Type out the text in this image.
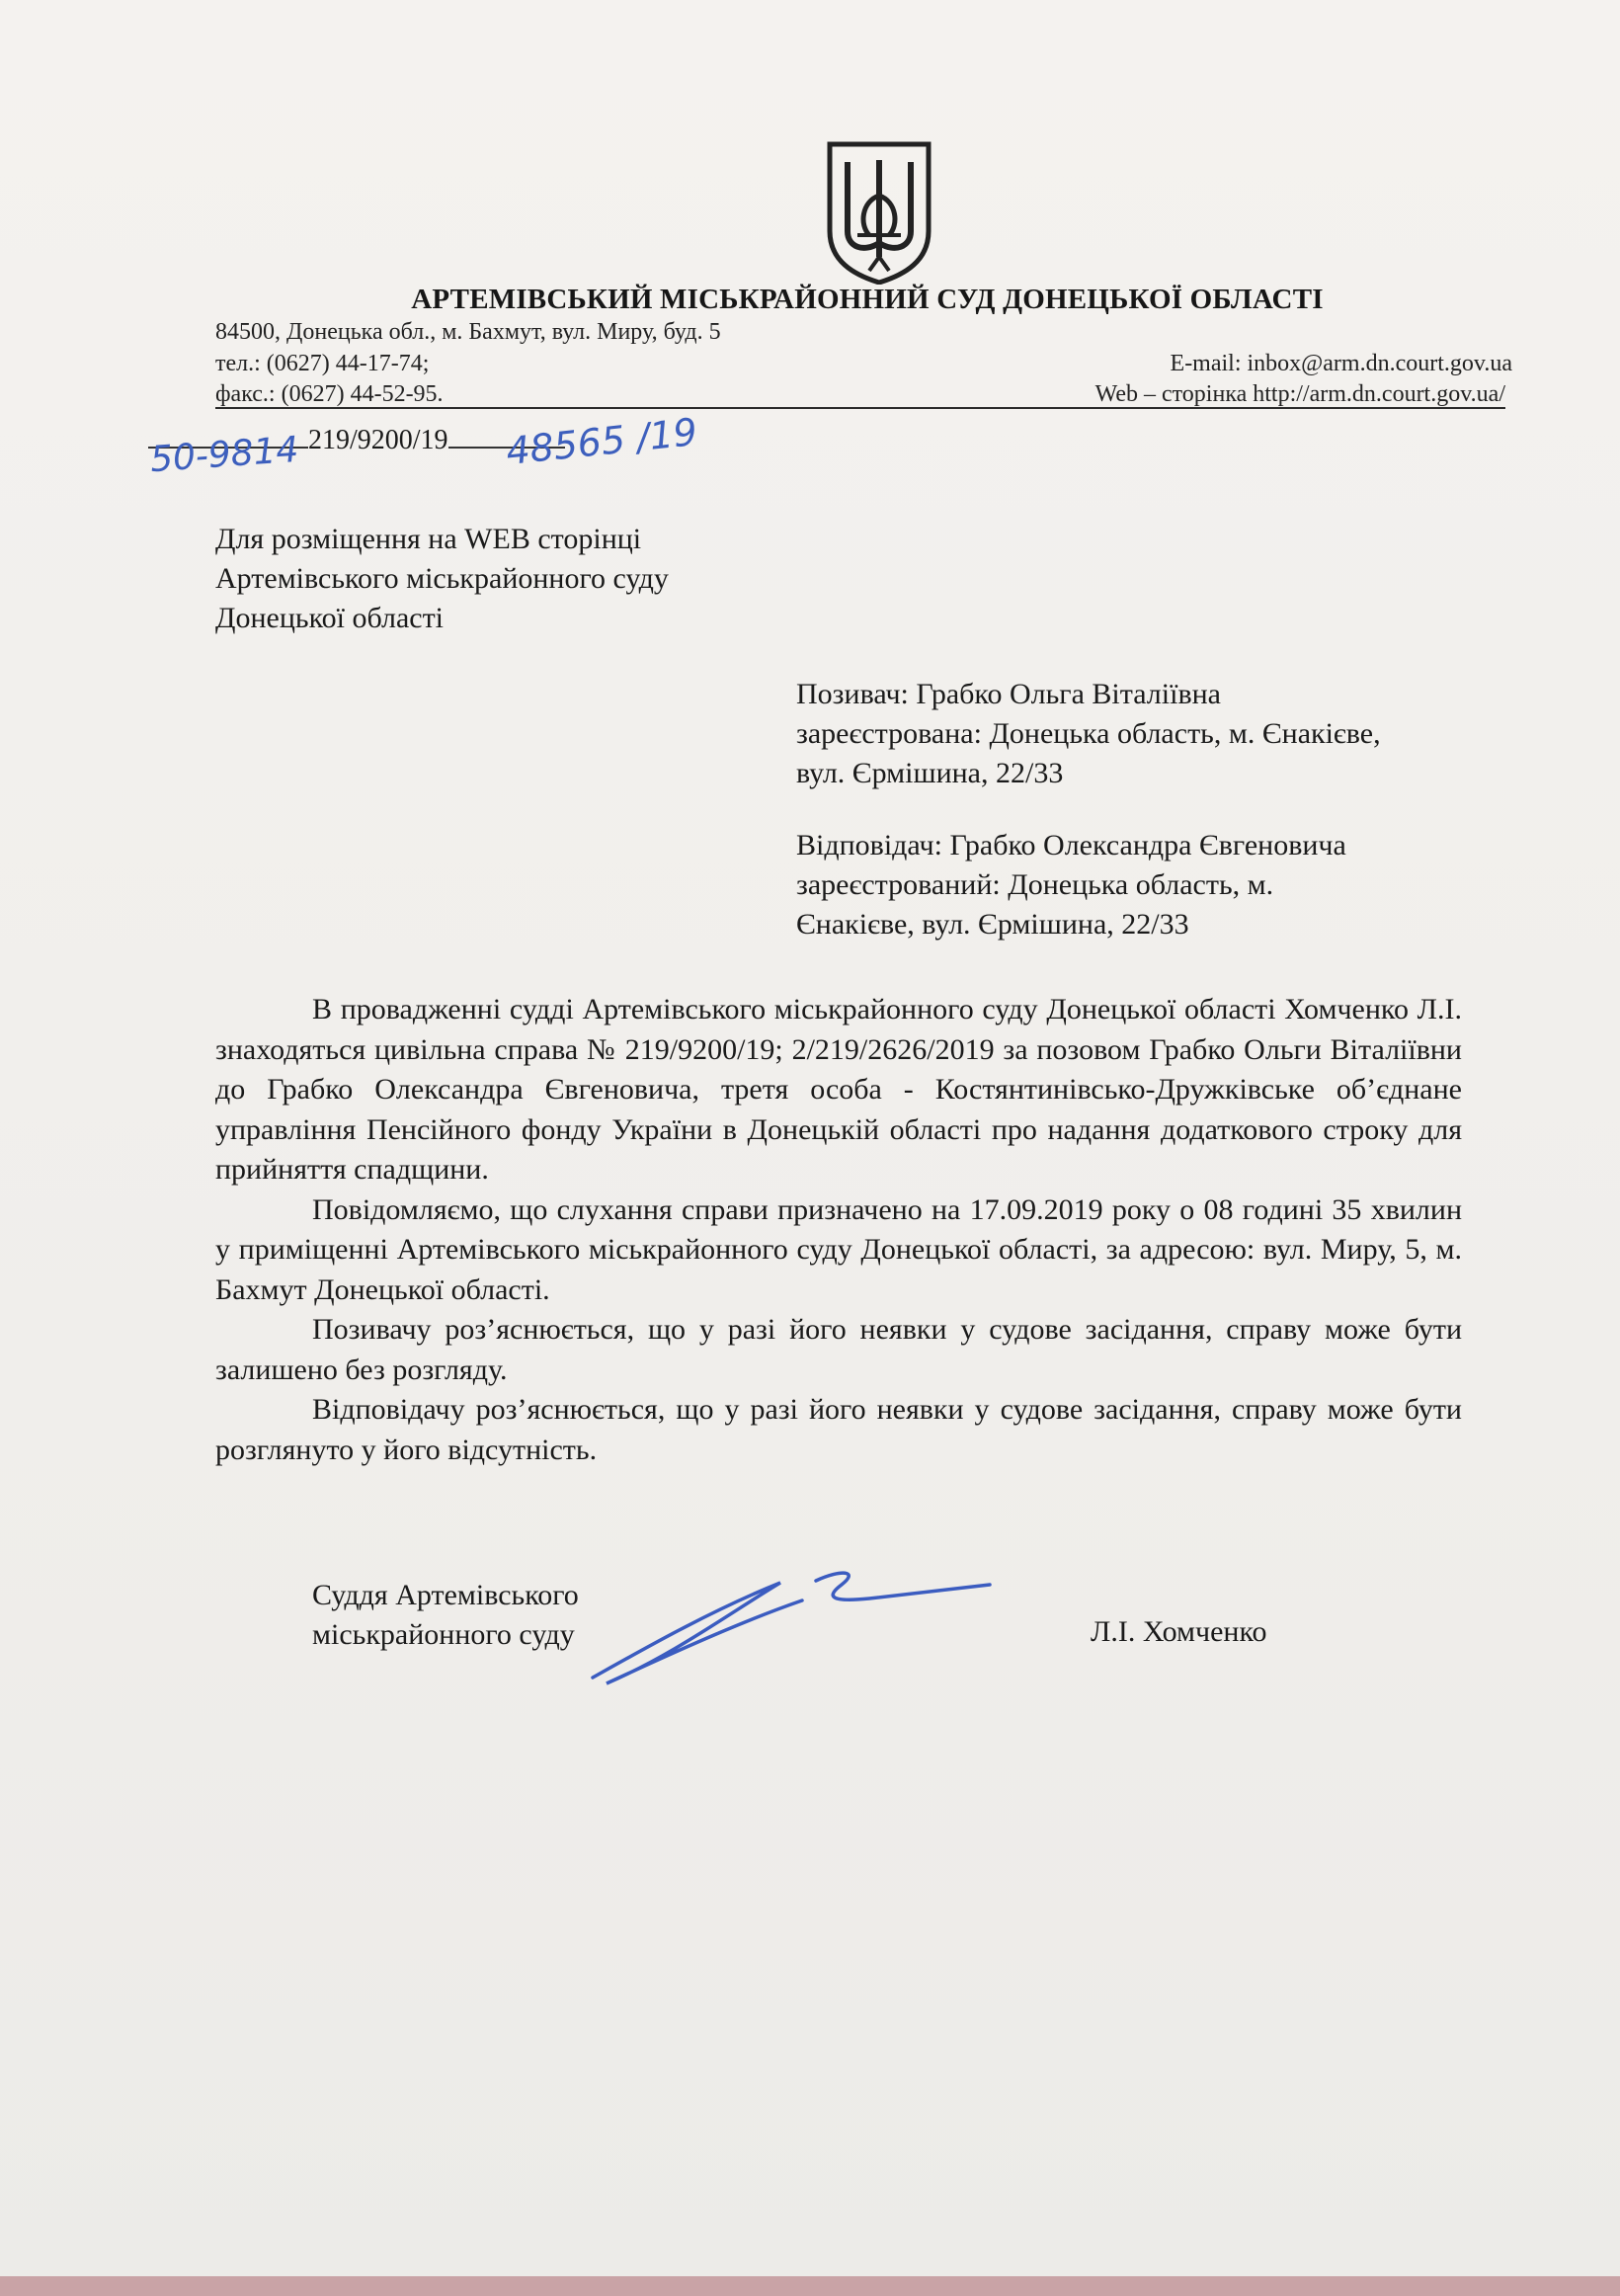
АРТЕМІВСЬКИЙ МІСЬКРАЙОННИЙ СУД ДОНЕЦЬКОЇ ОБЛАСТІ
84500, Донецька обл., м. Бахмут, вул. Миру, буд. 5
тел.: (0627) 44-17-74;	E-mail: inbox@arm.dn.court.gov.ua
факс.: (0627) 44-52-95.	Web – сторінка http://arm.dn.court.gov.ua/
219/9200/19
50-9814	48565 /19
Для розміщення на WEB сторінці
Артемівського міськрайонного суду
Донецької області
Позивач: Грабко Ольга Віталіївна
зареєстрована: Донецька область, м. Єнакієве,
вул. Єрмішина, 22/33
Відповідач: Грабко Олександра Євгеновича
зареєстрований: Донецька область, м.
Єнакієве, вул. Єрмішина, 22/33

В провадженні судді Артемівського міськрайонного суду Донецької області Хомченко Л.І. знаходяться цивільна справа № 219/9200/19; 2/219/2626/2019 за позовом Грабко Ольги Віталіївни до Грабко Олександра Євгеновича, третя особа - Костянтинівсько-Дружківське об’єднане управління Пенсійного фонду України в Донецькій області про надання додаткового строку для прийняття спадщини.

Повідомляємо, що слухання справи призначено на 17.09.2019 року о 08 годині 35 хвилин у приміщенні Артемівського міськрайонного суду Донецької області, за адресою: вул. Миру, 5, м. Бахмут Донецької області.

Позивачу роз’яснюється, що у разі його неявки у судове засідання, справу може бути залишено без розгляду.

Відповідачу роз’яснюється, що у разі його неявки у судове засідання, справу може бути розглянуто у його відсутність.

Суддя Артемівського
міськрайонного суду	Л.І. Хомченко
